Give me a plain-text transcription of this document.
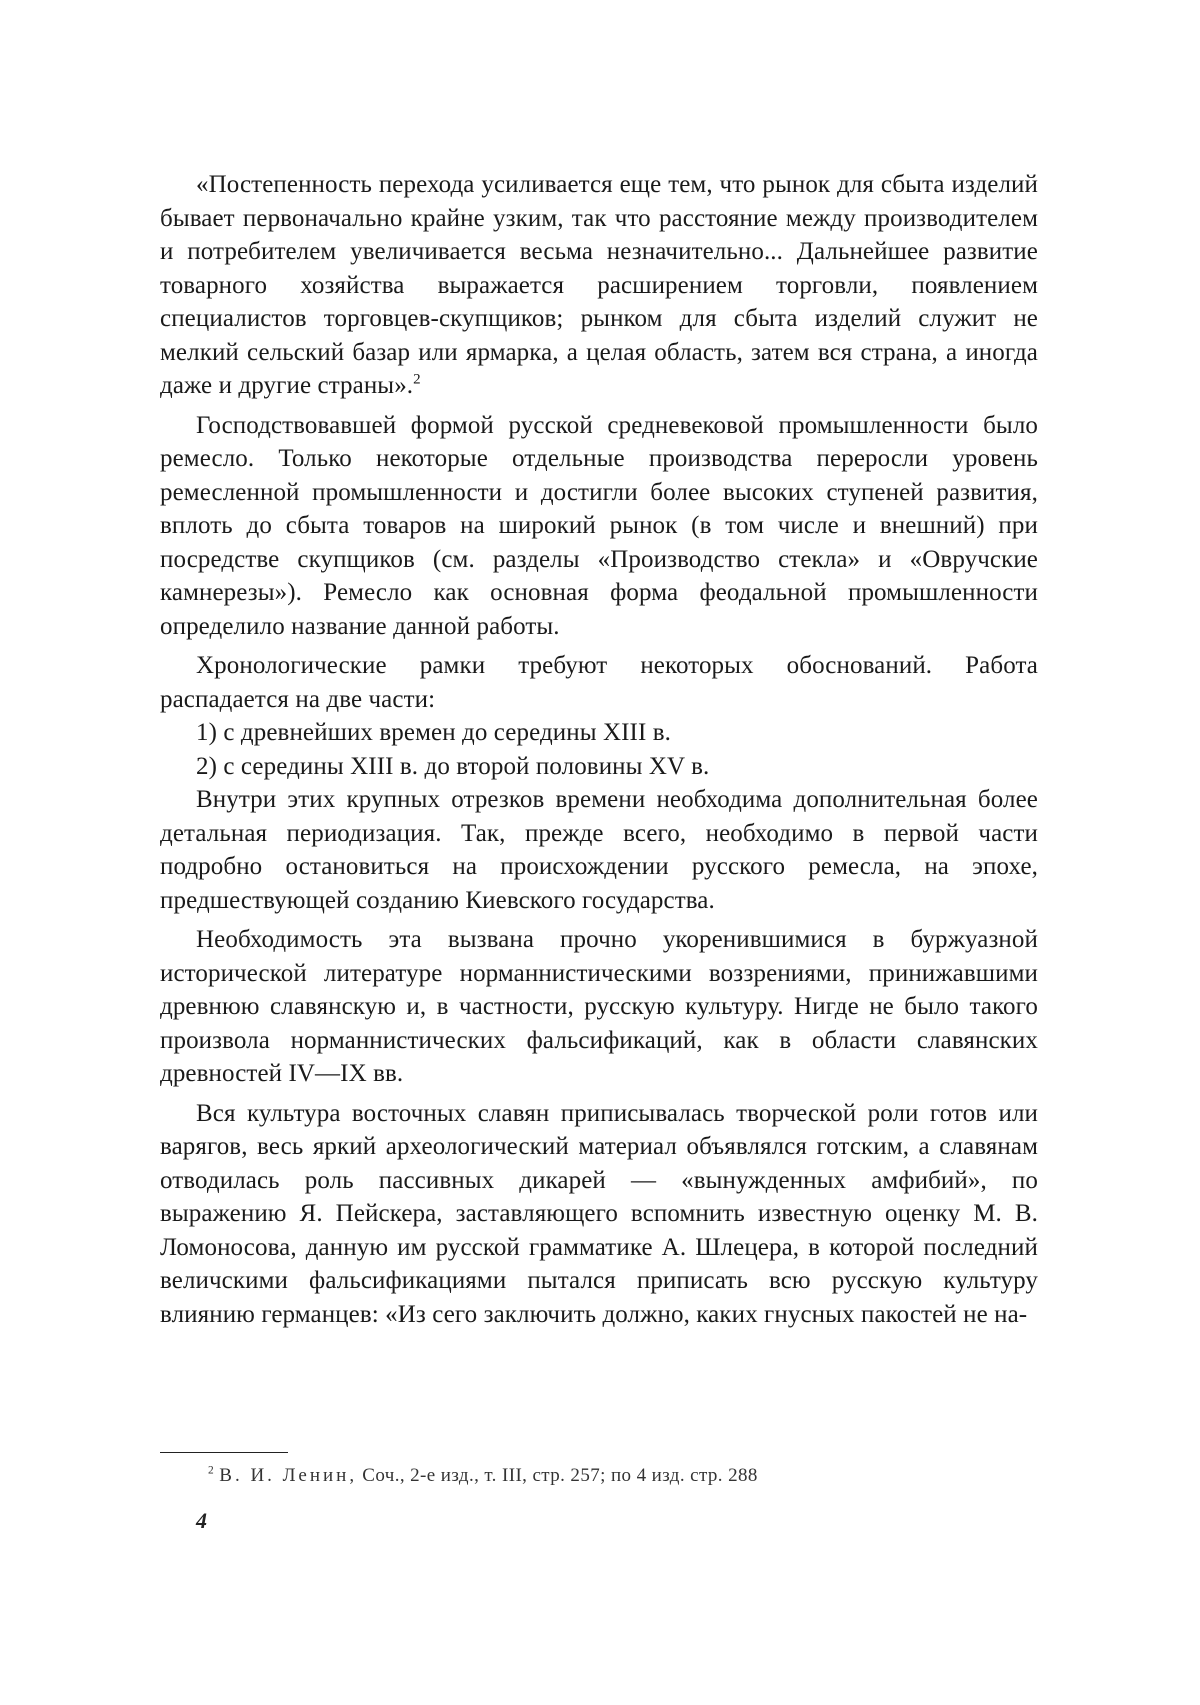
«Постепенность перехода усиливается еще тем, что рынок для сбыта изделий бывает первоначально крайне узким, так что расстояние между производителем и потребителем увеличивается весьма незначительно... Дальнейшее развитие товарного хозяйства выражается расширением торговли, появлением специалистов торговцев-скупщиков; рынком для сбыта изделий служит не мелкий сельский базар или ярмарка, а целая область, затем вся страна, а иногда даже и другие страны».$^2$

Господствовавшей формой русской средневековой промышленности было ремесло. Только некоторые отдельные производства переросли уровень ремесленной промышленности и достигли более высоких ступеней развития, вплоть до сбыта товаров на широкий рынок (в том числе и внешний) при посредстве скупщиков (см. разделы «Производство стекла» и «Овручские камнерезы»). Ремесло как основная форма феодальной промышленности определило название данной работы.

Хронологические рамки требуют некоторых обоснований. Работа распадается на две части:

1) с древнейших времен до середины XIII в.

2) с середины XIII в. до второй половины XV в.

Внутри этих крупных отрезков времени необходима дополнительная более детальная периодизация. Так, прежде всего, необходимо в первой части подробно остановиться на происхождении русского ремесла, на эпохе, предшествующей созданию Киевского государства.

Необходимость эта вызвана прочно укоренившимися в буржуазной исторической литературе норманнистическими воззрениями, принижавшими древнюю славянскую и, в частности, русскую культуру. Нигде не было такого произвола норманнистических фальсификаций, как в области славянских древностей IV—IX вв.

Вся культура восточных славян приписывалась творческой роли готов или варягов, весь яркий археологический материал объявлялся готским, а славянам отводилась роль пассивных дикарей — «вынужденных амфибий», по выражению Я. Пейскера, заставляющего вспомнить известную оценку М. В. Ломоносова, данную им русской грамматике А. Шлецера, в которой последний величскими фальсификациями пытался приписать всю русскую культуру влиянию германцев: «Из сего заключить должно, каких гнусных пакостей не на-

$^2$ В. И. Ленин, Соч., 2-е изд., т. III, стр. 257; по 4 изд. стр. 288
4
